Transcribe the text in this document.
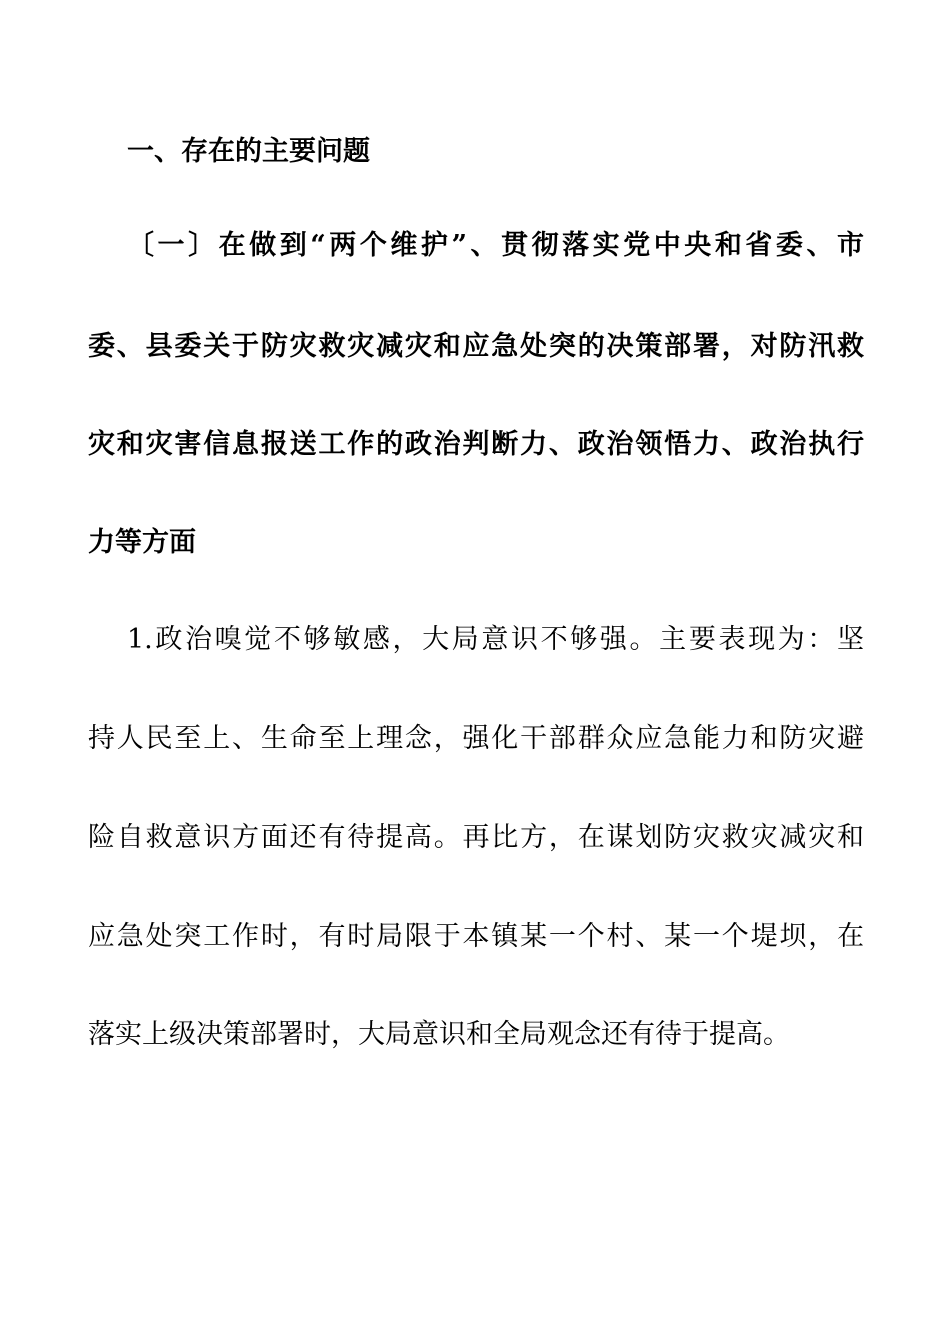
一、存在的主要问题
〔一〕在做到“两个维护”、贯彻落实党中央和省委、市
委、县委关于防灾救灾减灾和应急处突的决策部署，对防汛救
灾和灾害信息报送工作的政治判断力、政治领悟力、政治执行
力等方面
1.政治嗅觉不够敏感，大局意识不够强。主要表现为：坚
持人民至上、生命至上理念，强化干部群众应急能力和防灾避
险自救意识方面还有待提高。再比方，在谋划防灾救灾减灾和
应急处突工作时，有时局限于本镇某一个村、某一个堤坝，在
落实上级决策部署时，大局意识和全局观念还有待于提高。
